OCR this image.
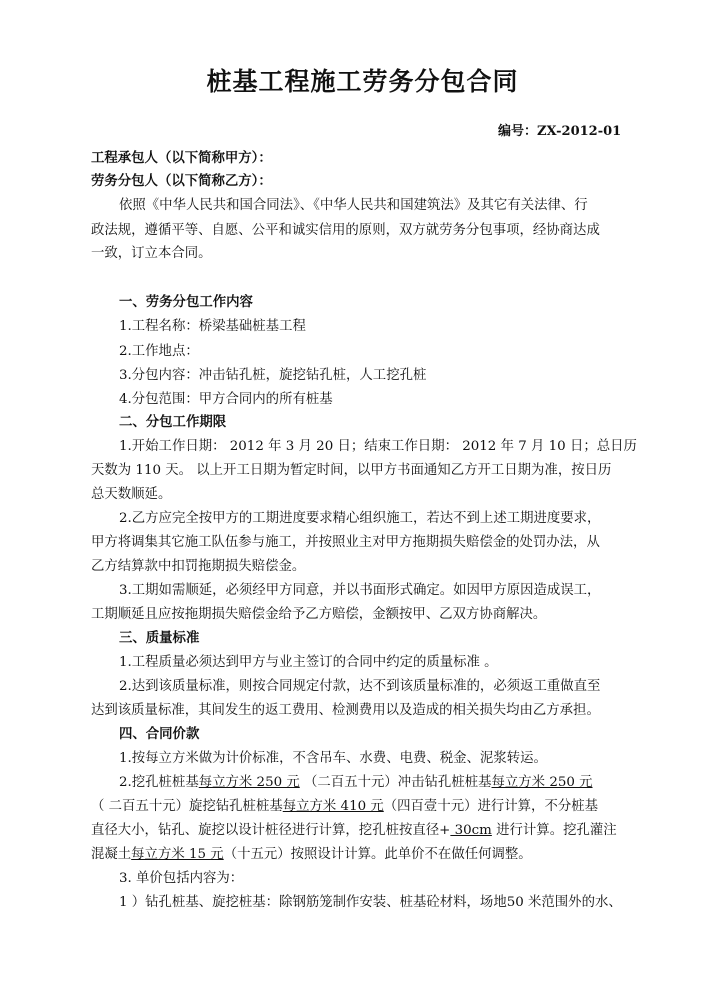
桩基工程施工劳务分包合同
编号：ZX-2012-01
工程承包人（以下简称甲方）：
劳务分包人（以下简称乙方）：
依照《中华人民共和国合同法》、《中华人民共和国建筑法》及其它有关法律、行
政法规，遵循平等、自愿、公平和诚实信用的原则，双方就劳务分包事项，经协商达成
一致，订立本合同。
一、劳务分包工作内容
1.工程名称：桥梁基础桩基工程
2.工作地点：
3.分包内容：冲击钻孔桩，旋挖钻孔桩，人工挖孔桩
4.分包范围：甲方合同内的所有桩基
二、分包工作期限
1.开始工作日期： 2012 年 3 月 20 日；结束工作日期： 2012 年 7 月 10 日；总日历
天数为 110 天。 以上开工日期为暂定时间，以甲方书面通知乙方开工日期为准，按日历
总天数顺延。
2.乙方应完全按甲方的工期进度要求精心组织施工，若达不到上述工期进度要求，
甲方将调集其它施工队伍参与施工，并按照业主对甲方拖期损失赔偿金的处罚办法，从
乙方结算款中扣罚拖期损失赔偿金。
3.工期如需顺延，必须经甲方同意，并以书面形式确定。如因甲方原因造成误工，
工期顺延且应按拖期损失赔偿金给予乙方赔偿，金额按甲、乙双方协商解决。
三、质量标准
1.工程质量必须达到甲方与业主签订的合同中约定的质量标准 。
2.达到该质量标准，则按合同规定付款，达不到该质量标准的，必须返工重做直至
达到该质量标准，其间发生的返工费用、检测费用以及造成的相关损失均由乙方承担。
四、合同价款
1.按每立方米做为计价标准，不含吊车、水费、电费、税金、泥浆转运。
2.挖孔桩桩基每立方米 250 元 （二百五十元）冲击钻孔桩桩基每立方米 250 元
（ 二百五十元）旋挖钻孔桩桩基每立方米 410 元（四百壹十元）进行计算，不分桩基
直径大小，钻孔、旋挖以设计桩径进行计算，挖孔桩按直径+ 30cm 进行计算。挖孔灌注
混凝土每立方米 15 元（十五元）按照设计计算。此单价不在做任何调整。
3. 单价包括内容为：
1 ）钻孔桩基、旋挖桩基：除钢筋笼制作安装、桩基砼材料，场地50 米范围外的水、
